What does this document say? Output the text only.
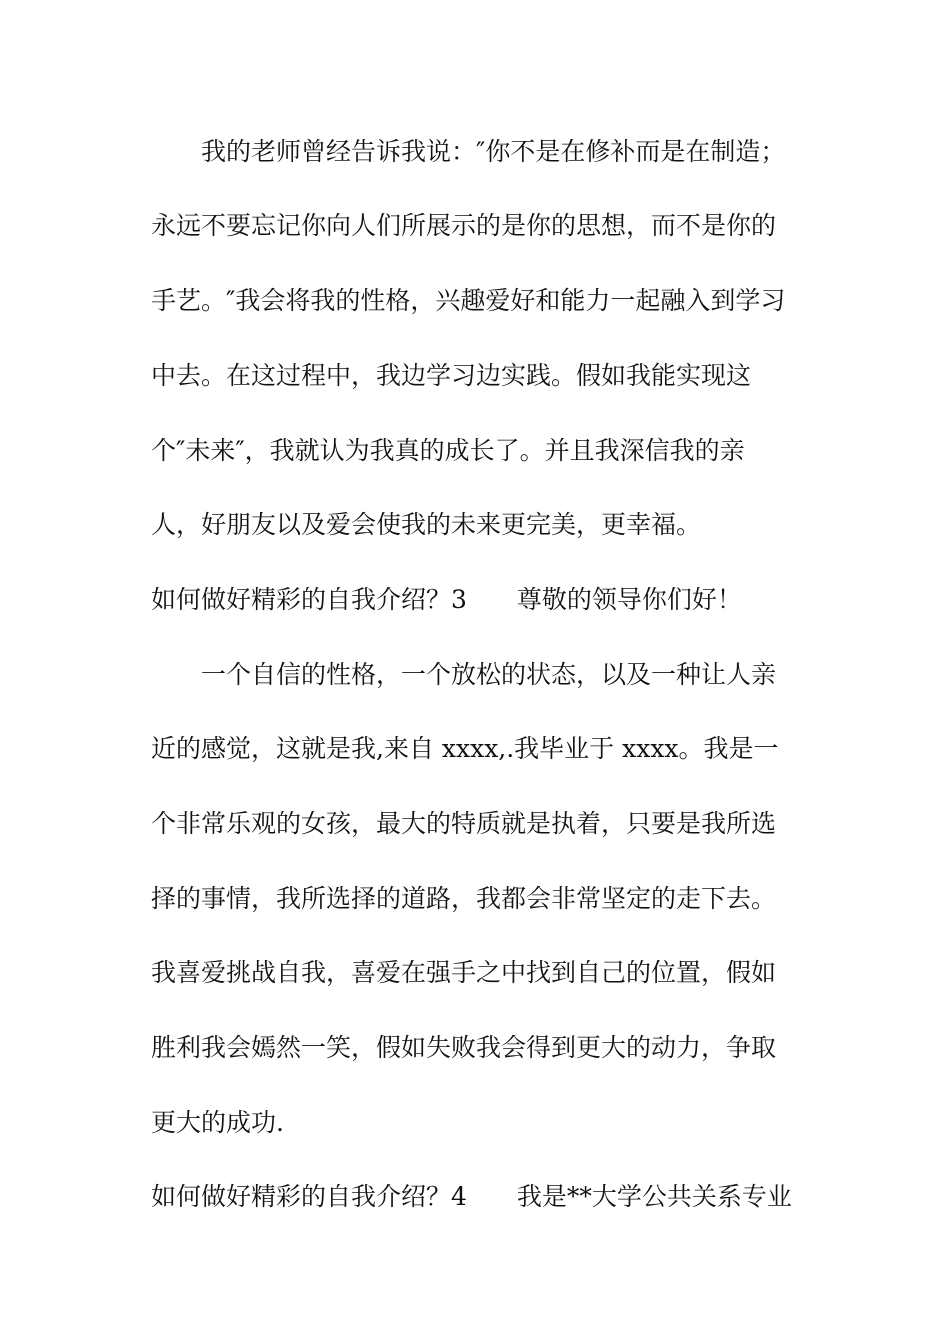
我的老师曾经告诉我说：″你不是在修补而是在制造；
永远不要忘记你向人们所展示的是你的思想，而不是你的
手艺。″我会将我的性格，兴趣爱好和能力一起融入到学习
中去。在这过程中，我边学习边实践。假如我能实现这
个″未来″，我就认为我真的成长了。并且我深信我的亲
人，好朋友以及爱会使我的未来更完美，更幸福。
如何做好精彩的自我介绍？3　　尊敬的领导你们好！
一个自信的性格，一个放松的状态，以及一种让人亲
近的感觉，这就是我,来自 xxxx,.我毕业于 xxxx。我是一
个非常乐观的女孩，最大的特质就是执着，只要是我所选
择的事情，我所选择的道路，我都会非常坚定的走下去。
我喜爱挑战自我，喜爱在强手之中找到自己的位置，假如
胜利我会嫣然一笑，假如失败我会得到更大的动力，争取
更大的成功.
如何做好精彩的自我介绍？4　　我是**大学公共关系专业
